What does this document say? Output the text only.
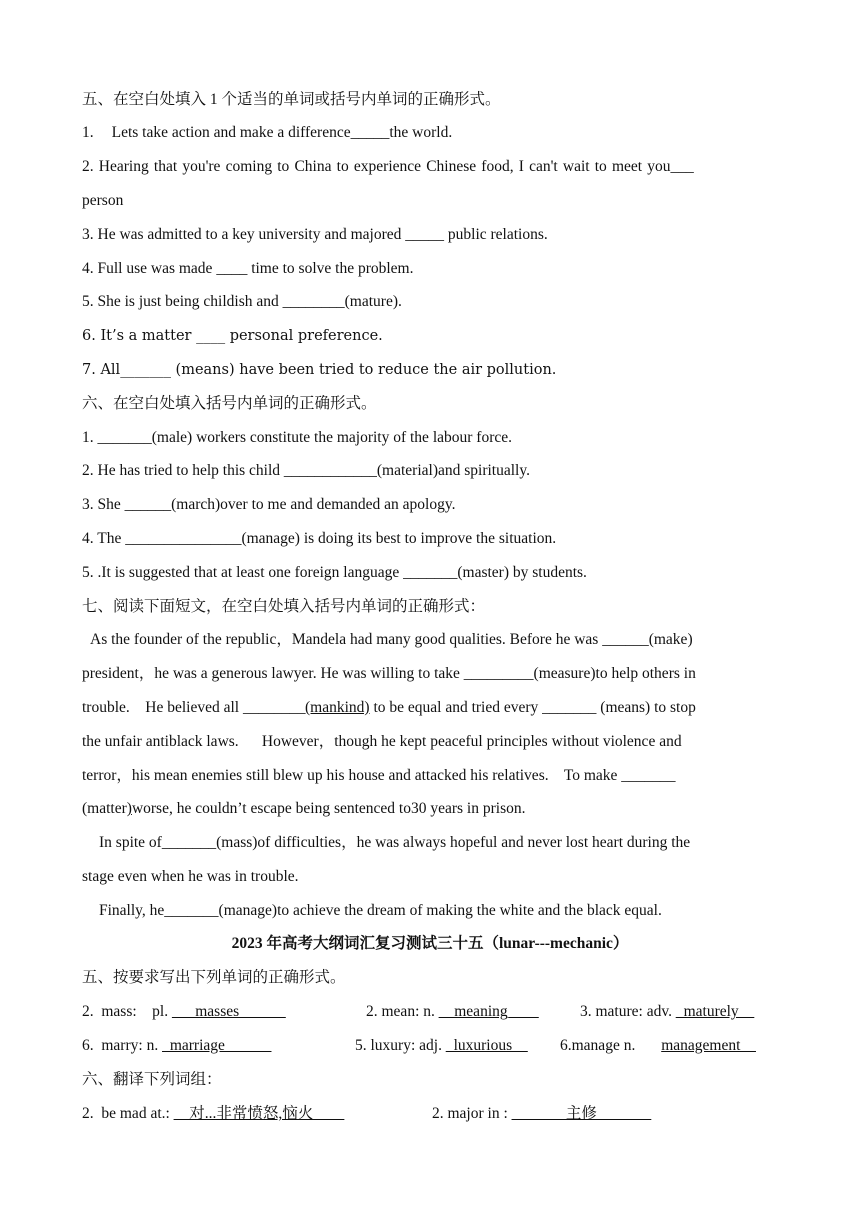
五、在空白处填入 1 个适当的单词或括号内单词的正确形式。
1. Lets take action and make a difference_____the world.
2. Hearing that you're coming to China to experience Chinese food, I can't wait to meet you___
person
3. He was admitted to a key university and majored _____ public relations.
4. Full use was made ____ time to solve the problem.
5. She is just being childish and ________(mature).
6. It’s a matter ____ personal preference.
7. All_______ (means) have been tried to reduce the air pollution.
六、在空白处填入括号内单词的正确形式。
1. _______(male) workers constitute the majority of the labour force.
2. He has tried to help this child ____________(material)and spiritually.
3. She ______(march)over to me and demanded an apology.
4. The _______________(manage) is doing its best to improve the situation.
5. .It is suggested that at least one foreign language _______(master) by students.
七、阅读下面短文，在空白处填入括号内单词的正确形式：
As the founder of the republic，Mandela had many good qualities. Before he was ______(make)
president，he was a generous lawyer. He was willing to take _________(measure)to help others in
trouble.    He believed all ________(mankind) to be equal and tried every _______ (means) to stop
the unfair antiblack laws.      However，though he kept peaceful principles without violence and
terror，his mean enemies still blew up his house and attacked his relatives.    To make _______
(matter)worse, he couldn’t escape being sentenced to30 years in prison.
In spite of_______(mass)of difficulties，he was always hopeful and never lost heart during the
stage even when he was in trouble.
Finally, he_______(manage)to achieve the dream of making the white and the black equal.
2023 年高考大纲词汇复习测试三十五（lunar---mechanic）
五、按要求写出下列单词的正确形式。
2.  mass:    pl. ___masses______	2. mean: n. __meaning____	3. mature: adv. _maturely__
6.  marry: n. _marriage______	5. luxury: adj. _luxurious__ 6.manage n. management__
六、翻译下列词组：
2.  be mad at.: __对...非常愤怒,恼火____	2. major in : _______主修_______
